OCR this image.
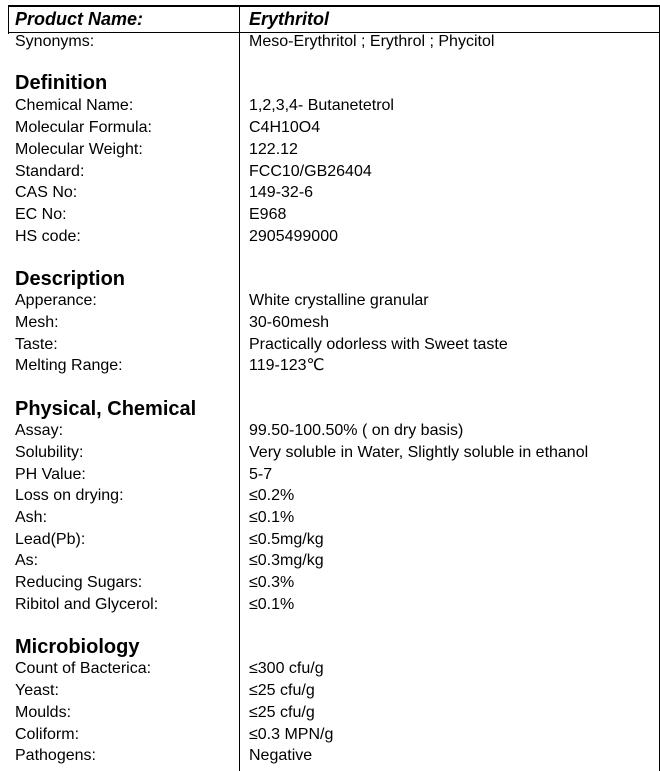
Product Name:	Erythritol
Synonyms:	Meso-Erythritol ; Erythrol ; Phycitol
Definition
Chemical Name:	1,2,3,4- Butanetetrol
Molecular Formula:	C4H10O4
Molecular Weight:	122.12
Standard:	FCC10/GB26404
CAS No:	149-32-6
EC No:	E968
HS code:	2905499000
Description
Apperance:	White crystalline granular
Mesh:	30-60mesh
Taste:	Practically odorless with Sweet taste
Melting Range:	119-123℃
Physical, Chemical
Assay:	99.50-100.50% ( on dry basis)
Solubility:	Very soluble in Water, Slightly soluble in ethanol
PH Value:	5-7
Loss on drying:	≤0.2%
Ash:	≤0.1%
Lead(Pb):	≤0.5mg/kg
As:	≤0.3mg/kg
Reducing Sugars:	≤0.3%
Ribitol and Glycerol:	≤0.1%
Microbiology
Count of Bacterica:	≤300 cfu/g
Yeast:	≤25 cfu/g
Moulds:	≤25 cfu/g
Coliform:	≤0.3 MPN/g
Pathogens:	Negative
